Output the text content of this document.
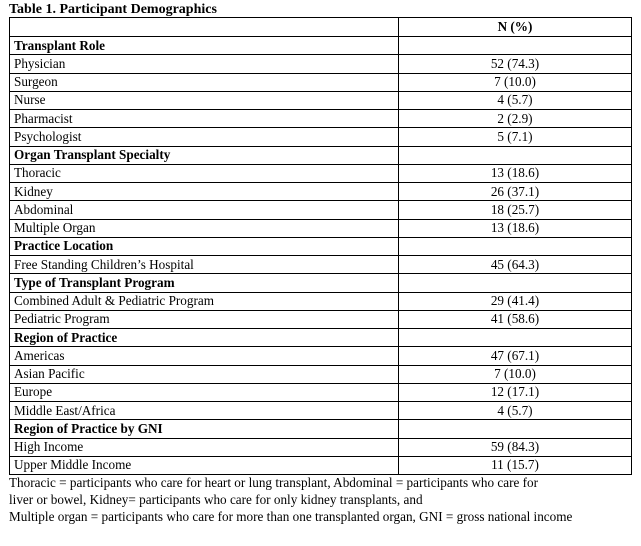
Table 1. Participant Demographics
	N (%)
Transplant Role	
Physician	52 (74.3)
Surgeon	7 (10.0)
Nurse	4 (5.7)
Pharmacist	2 (2.9)
Psychologist	5 (7.1)
Organ Transplant Specialty	
Thoracic	13 (18.6)
Kidney	26 (37.1)
Abdominal	18 (25.7)
Multiple Organ	13 (18.6)
Practice Location	
Free Standing Children’s Hospital	45 (64.3)
Type of Transplant Program	
Combined Adult & Pediatric Program	29 (41.4)
Pediatric Program	41 (58.6)
Region of Practice	
Americas	47 (67.1)
Asian Pacific	7 (10.0)
Europe	12 (17.1)
Middle East/Africa	4 (5.7)
Region of Practice by GNI	
High Income	59 (84.3)
Upper Middle Income	11 (15.7)
Thoracic = participants who care for heart or lung transplant, Abdominal = participants who care for
liver or bowel, Kidney= participants who care for only kidney transplants, and
Multiple organ = participants who care for more than one transplanted organ, GNI = gross national income
